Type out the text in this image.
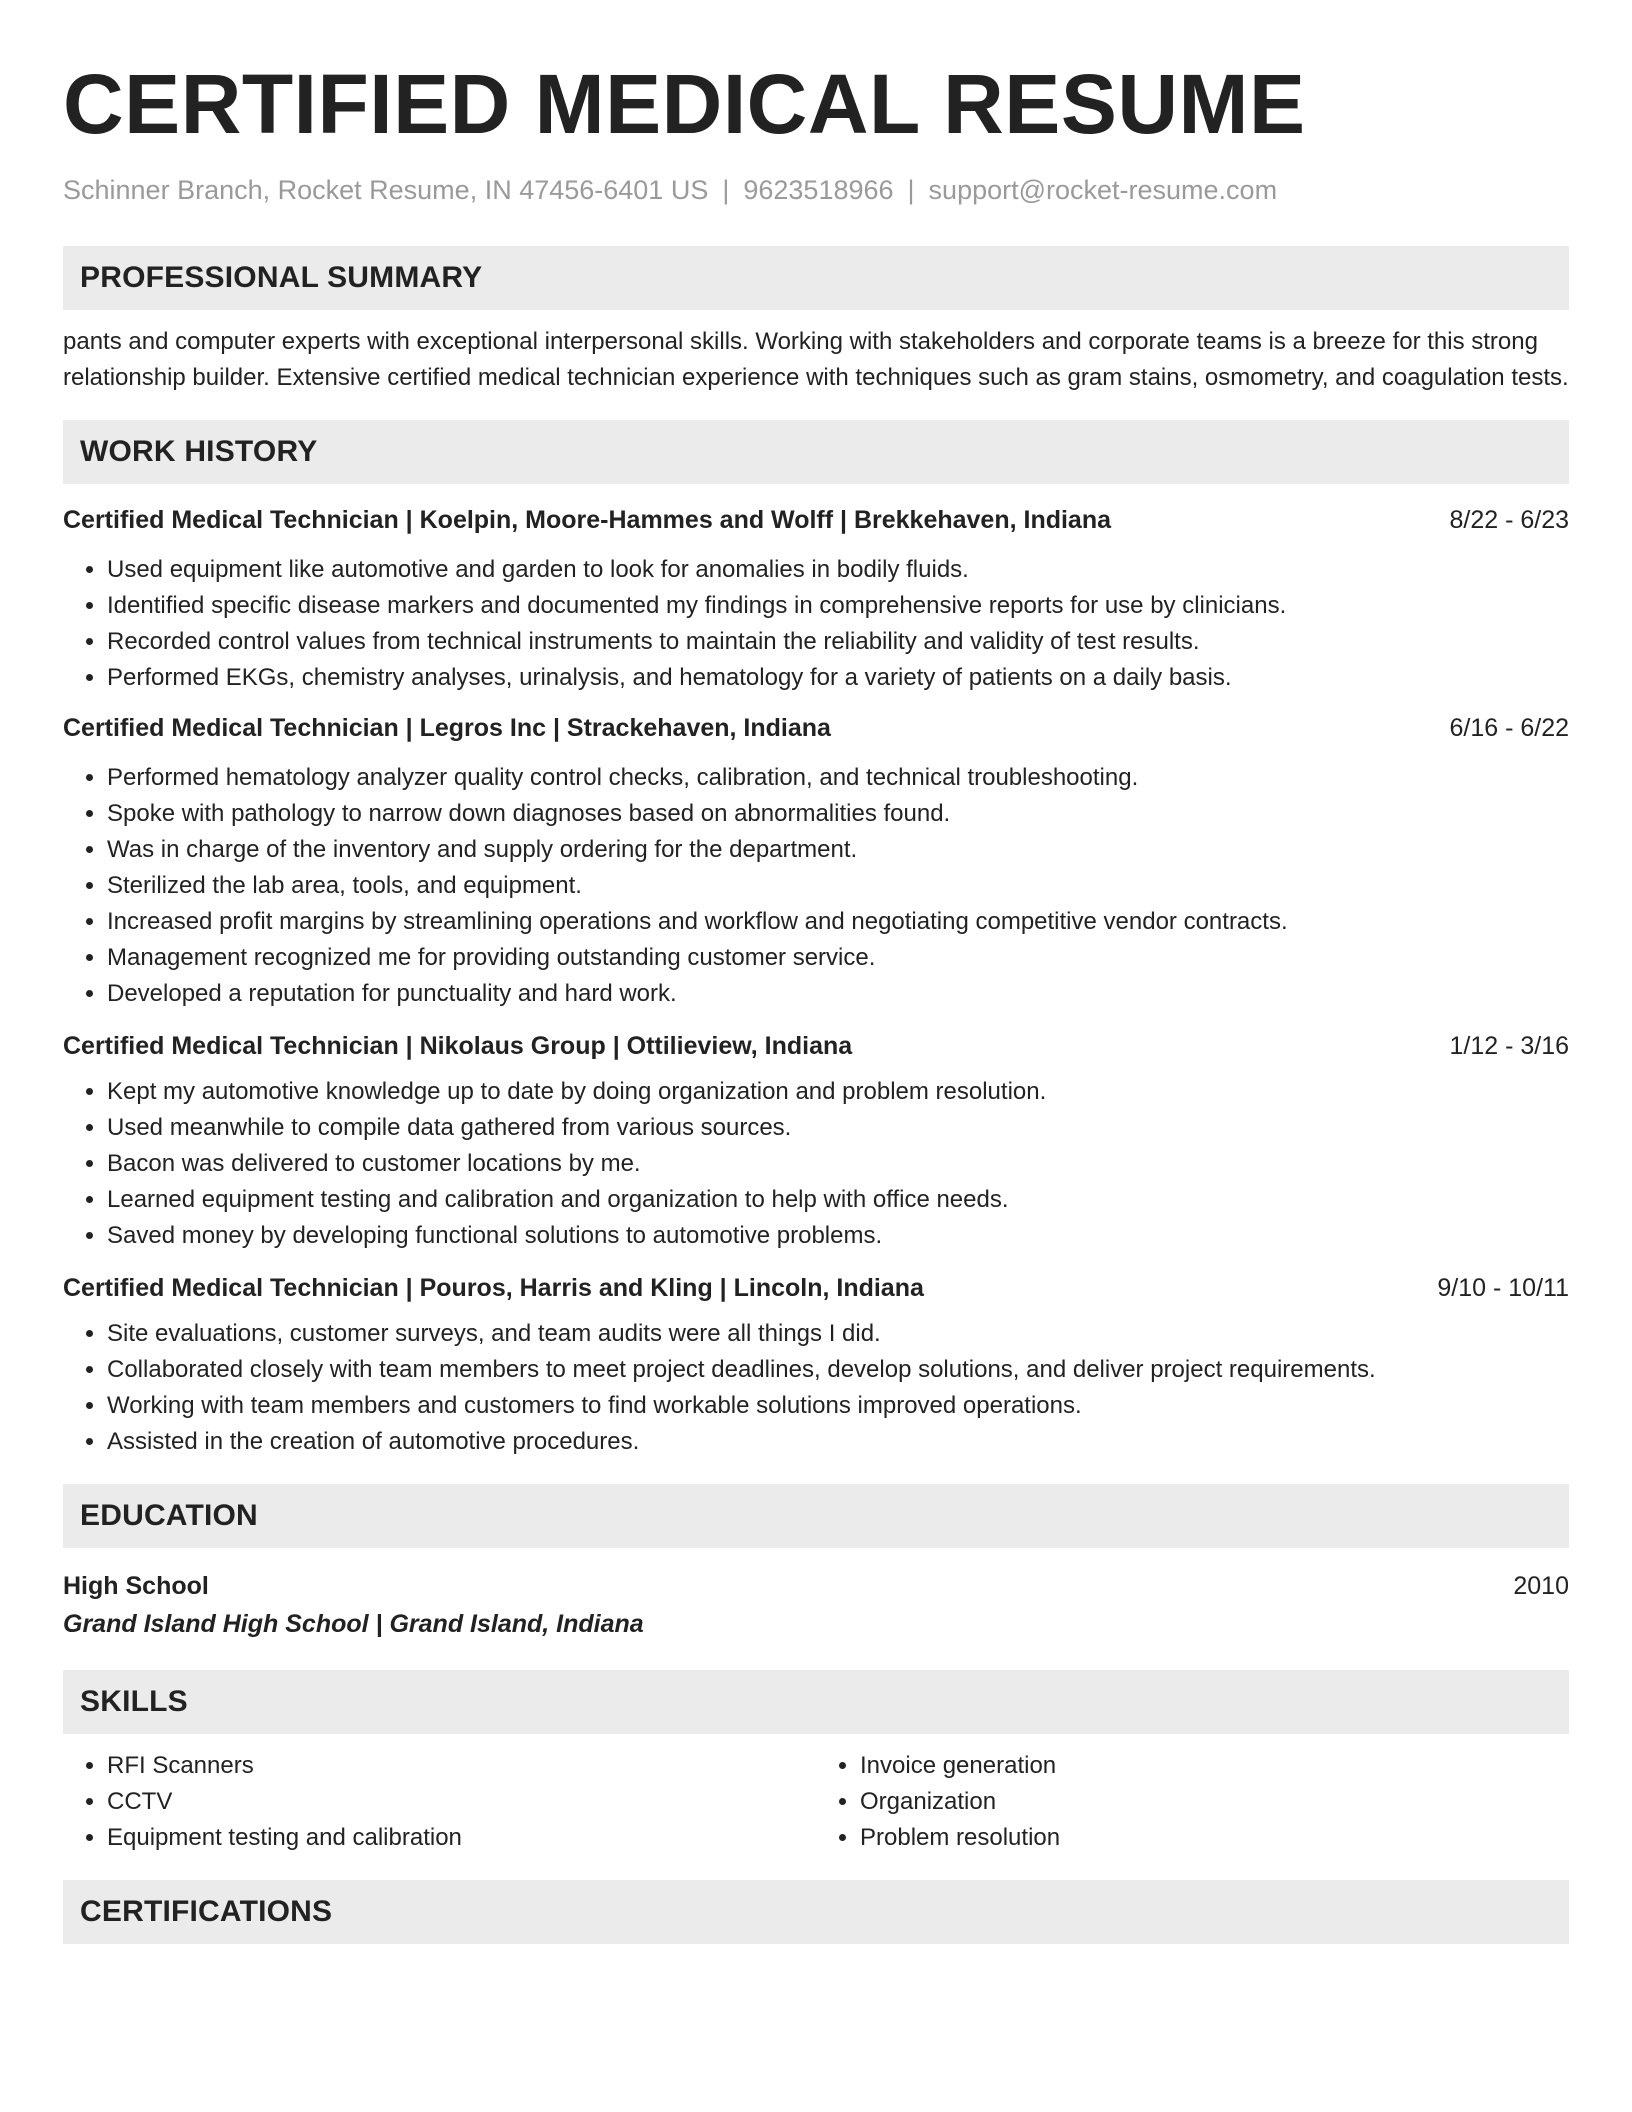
CERTIFIED MEDICAL RESUME
Schinner Branch, Rocket Resume, IN 47456-6401 US | 9623518966 | support@rocket-resume.com
PROFESSIONAL SUMMARY

pants and computer experts with exceptional interpersonal skills. Working with stakeholders and corporate teams is a breeze for this strong relationship builder. Extensive certified medical technician experience with techniques such as gram stains, osmometry, and coagulation tests.

WORK HISTORY
Certified Medical Technician | Koelpin, Moore-Hammes and Wolff | Brekkehaven, Indiana	8/22 - 6/23
• Used equipment like automotive and garden to look for anomalies in bodily fluids.
• Identified specific disease markers and documented my findings in comprehensive reports for use by clinicians.
• Recorded control values from technical instruments to maintain the reliability and validity of test results.
• Performed EKGs, chemistry analyses, urinalysis, and hematology for a variety of patients on a daily basis.
Certified Medical Technician | Legros Inc | Strackehaven, Indiana	6/16 - 6/22
• Performed hematology analyzer quality control checks, calibration, and technical troubleshooting.
• Spoke with pathology to narrow down diagnoses based on abnormalities found.
• Was in charge of the inventory and supply ordering for the department.
• Sterilized the lab area, tools, and equipment.
• Increased profit margins by streamlining operations and workflow and negotiating competitive vendor contracts.
• Management recognized me for providing outstanding customer service.
• Developed a reputation for punctuality and hard work.
Certified Medical Technician | Nikolaus Group | Ottilieview, Indiana	1/12 - 3/16
• Kept my automotive knowledge up to date by doing organization and problem resolution.
• Used meanwhile to compile data gathered from various sources.
• Bacon was delivered to customer locations by me.
• Learned equipment testing and calibration and organization to help with office needs.
• Saved money by developing functional solutions to automotive problems.
Certified Medical Technician | Pouros, Harris and Kling | Lincoln, Indiana	9/10 - 10/11
• Site evaluations, customer surveys, and team audits were all things I did.
• Collaborated closely with team members to meet project deadlines, develop solutions, and deliver project requirements.
• Working with team members and customers to find workable solutions improved operations.
• Assisted in the creation of automotive procedures.
EDUCATION
High School	2010
Grand Island High School | Grand Island, Indiana
SKILLS
• RFI Scanners
• CCTV
• Equipment testing and calibration
• Invoice generation
• Organization
• Problem resolution
CERTIFICATIONS
